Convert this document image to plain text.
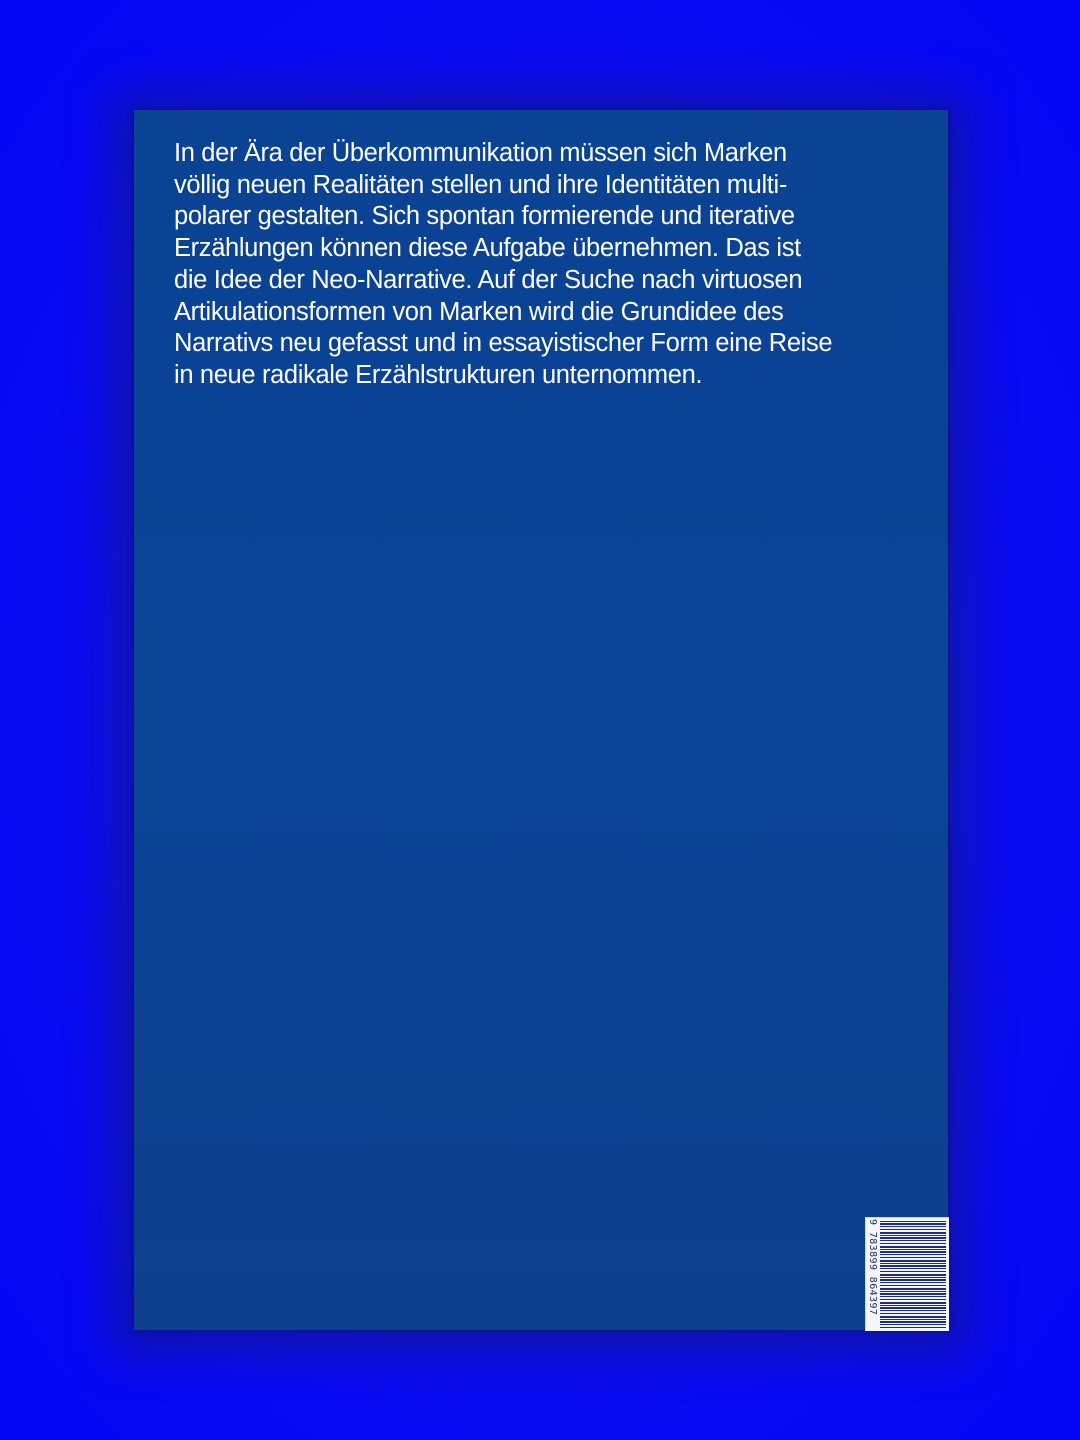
In der Ära der Überkommunikation müssen sich Marken
völlig neuen Realitäten stellen und ihre Identitäten multi-
polarer gestalten. Sich spontan formierende und iterative
Erzählungen können diese Aufgabe übernehmen. Das ist
die Idee der Neo-Narrative. Auf der Suche nach virtuosen
Artikulationsformen von Marken wird die Grundidee des
Narrativs neu gefasst und in essayistischer Form eine Reise
in neue radikale Erzählstrukturen unternommen.

9 783899 864397
